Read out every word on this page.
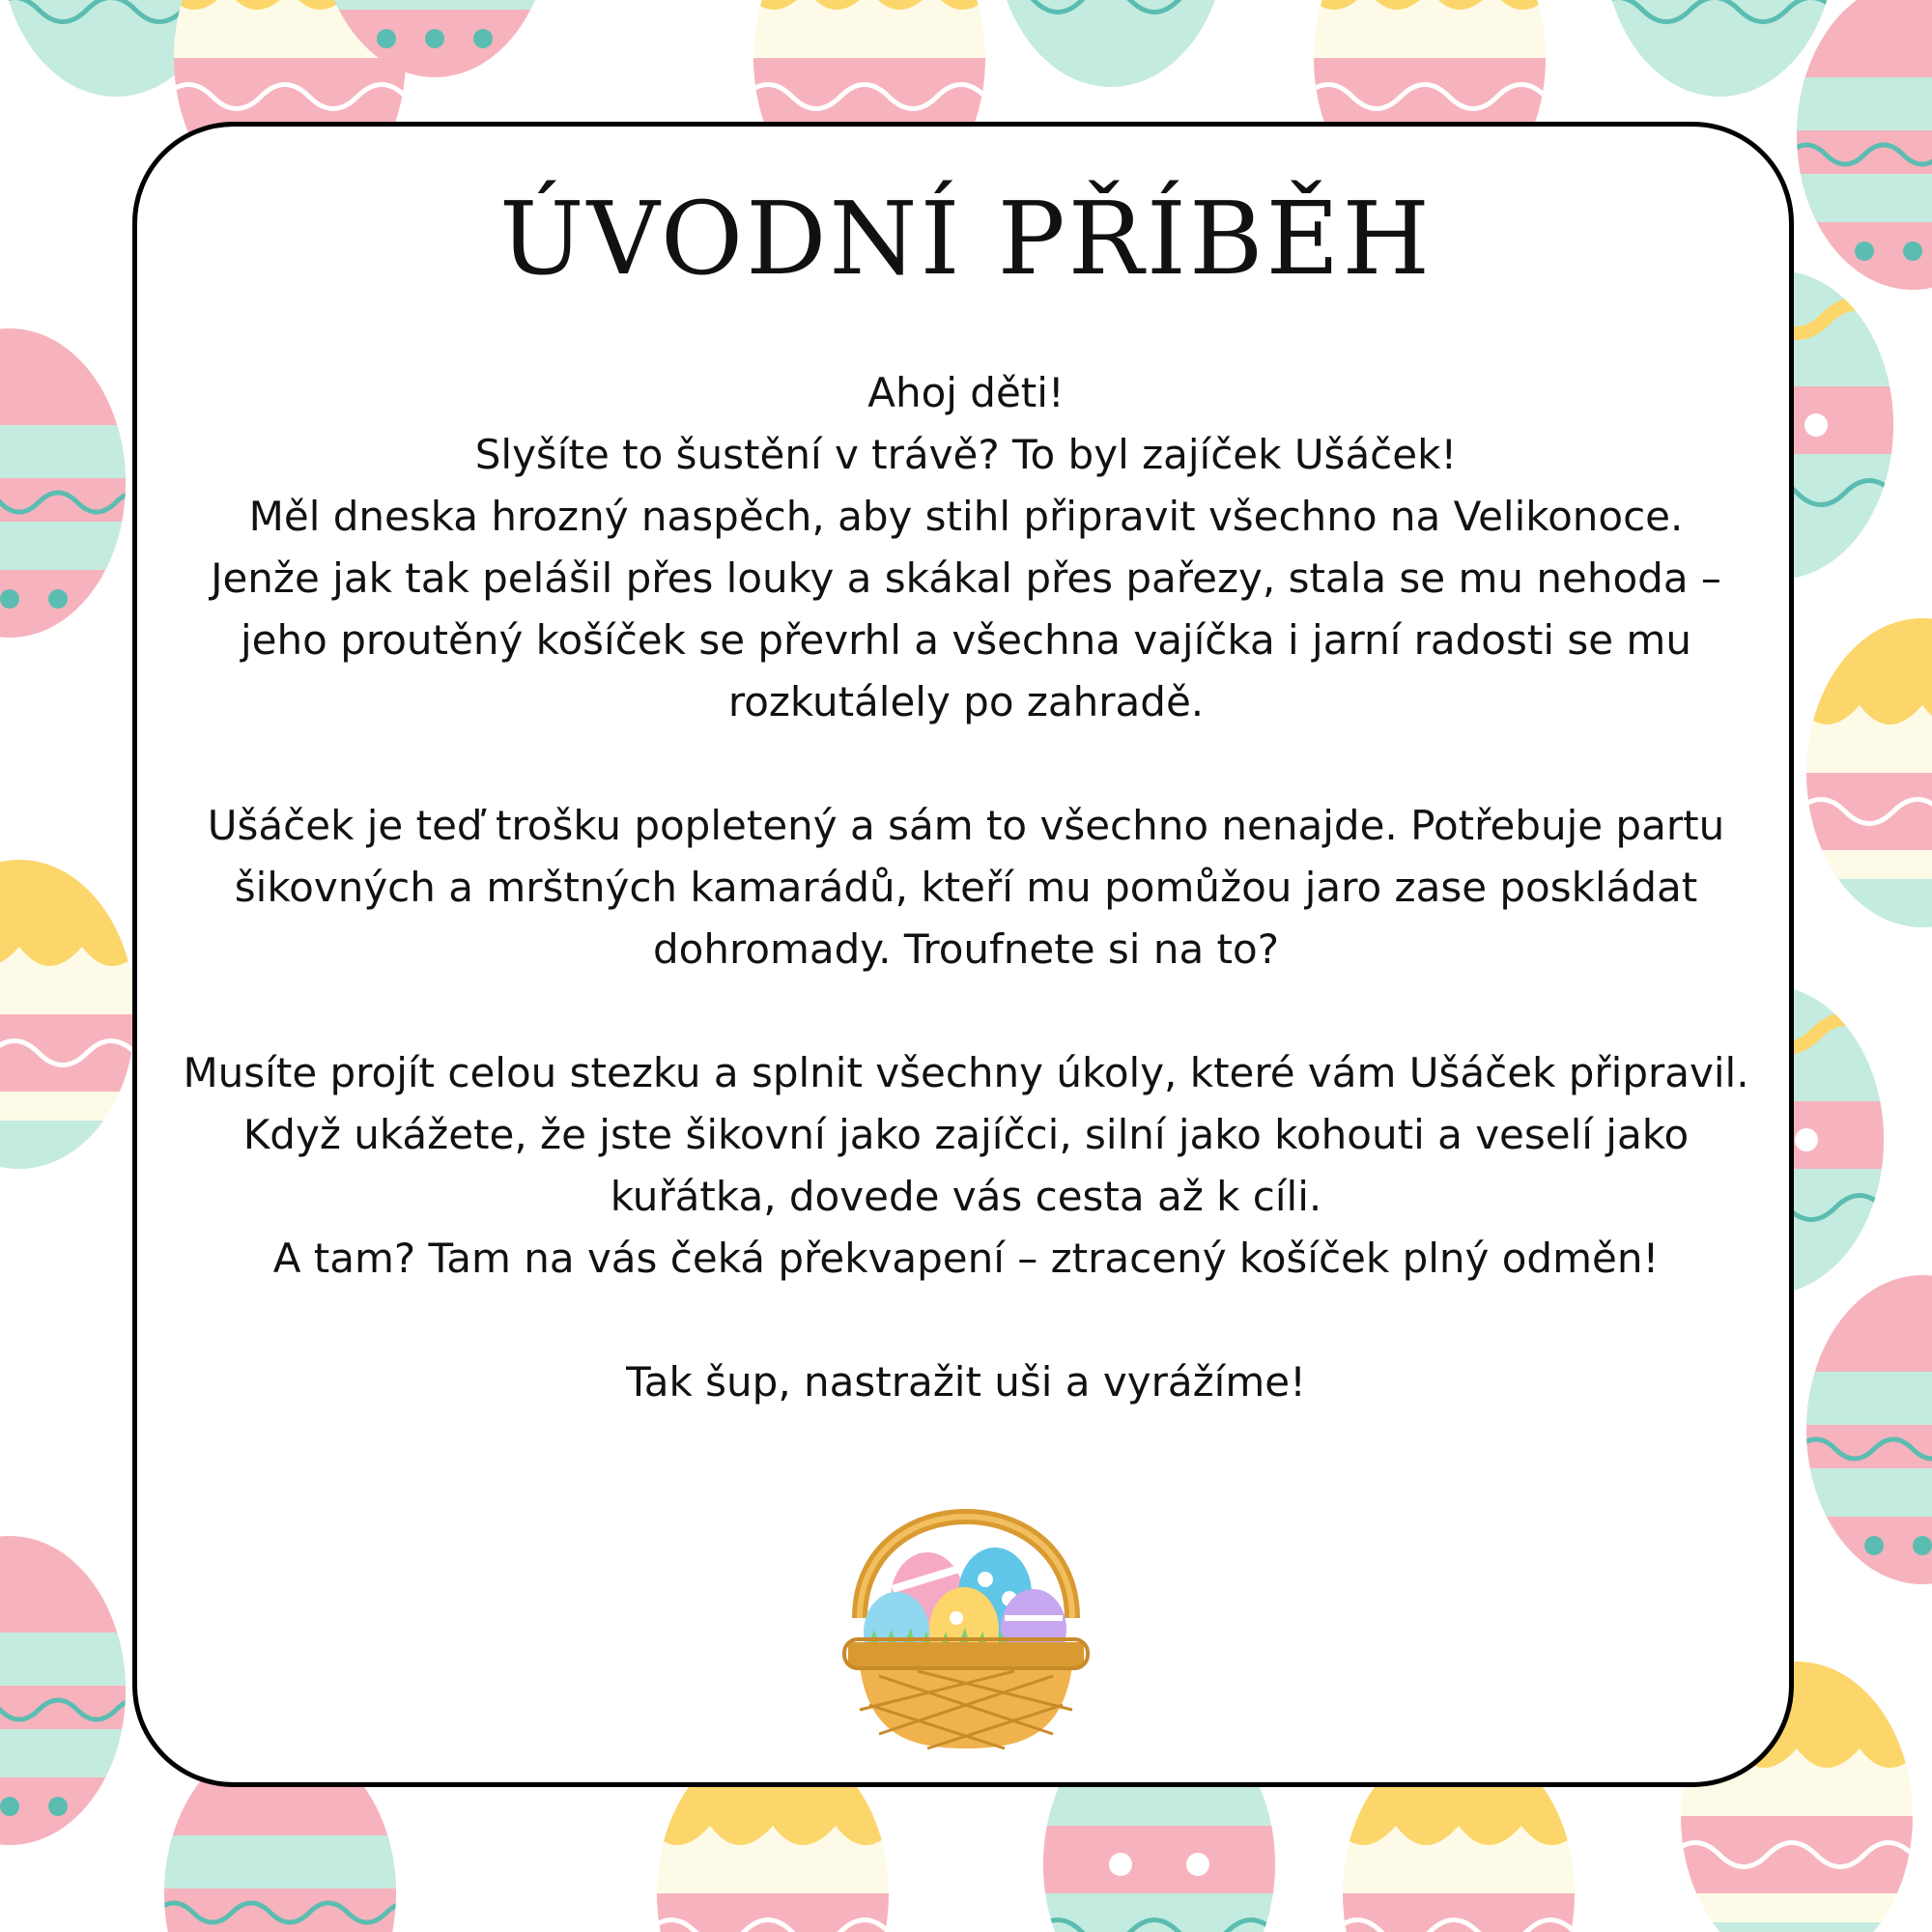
ÚVODNÍ PŘÍBĚH

Ahoj děti!

Slyšíte to šustění v trávě? To byl zajíček Ušáček!

Měl dneska hrozný naspěch, aby stihl připravit všechno na Velikonoce.

Jenže jak tak pelášil přes louky a skákal přes pařezy, stala se mu nehoda –

jeho proutěný košíček se převrhl a všechna vajíčka i jarní radosti se mu

rozkutálely po zahradě.

Ušáček je teď trošku popletený a sám to všechno nenajde. Potřebuje partu

šikovných a mrštných kamarádů, kteří mu pomůžou jaro zase poskládat

dohromady. Troufnete si na to?

Musíte projít celou stezku a splnit všechny úkoly, které vám Ušáček připravil.

Když ukážete, že jste šikovní jako zajíčci, silní jako kohouti a veselí jako

kuřátka, dovede vás cesta až k cíli.

A tam? Tam na vás čeká překvapení – ztracený košíček plný odměn!

Tak šup, nastražit uši a vyrážíme!
